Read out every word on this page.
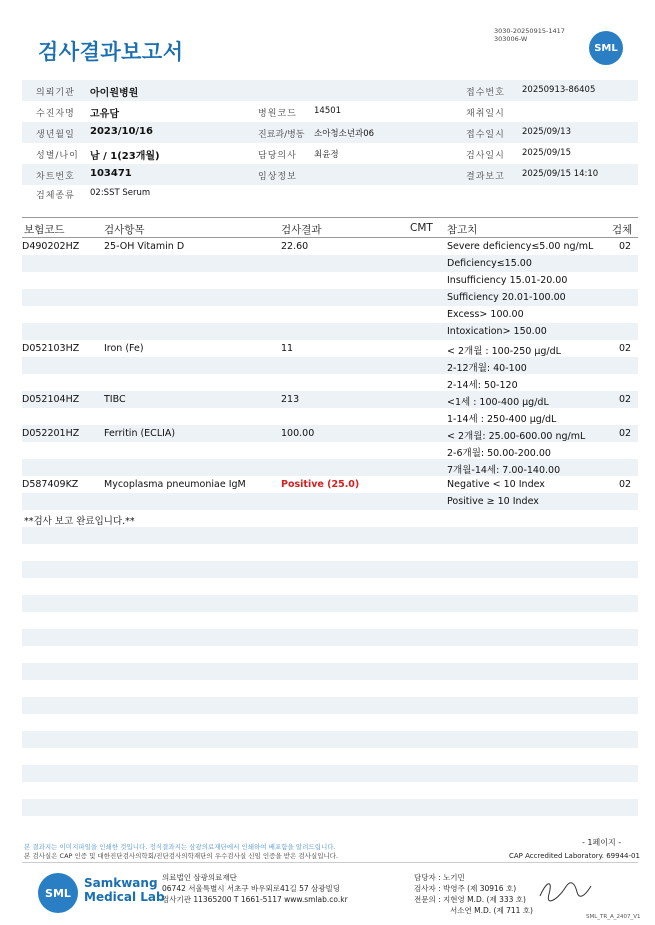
검사결과보고서
3030-20250915-1417
303006-W
SML
의뢰기관 아이원병원	접수번호 20250913-86405
수진자명 고유담	병원코드 14501	채취일시
생년월일 2023/10/16	진료과/병동 소아청소년과06	접수일시 2025/09/13
성별/나이 남 / 1(23개월)	담당의사 최윤정	검사일시 2025/09/15
차트번호 103471	임상정보	결과보고 2025/09/15 14:10
검체종류 02:SST Serum
보험코드	검사항목	검사결과	CMT 참고치	검체
D490202HZ	25-OH Vitamin D	22.60	Severe deficiency≤5.00 ng/mL	02
Deficiency≤15.00
Insufficiency 15.01-20.00
Sufficiency 20.01-100.00
Excess> 100.00
Intoxication> 150.00
D052103HZ	Iron (Fe)	11	< 2개월 : 100-250 µg/dL	02
2-12개월: 40-100
2-14세: 50-120
D052104HZ	TIBC	213	<1세 : 100-400 µg/dL	02
1-14세 : 250-400 µg/dL
D052201HZ	Ferritin (ECLIA)	100.00	< 2개월: 25.00-600.00 ng/mL	02
2-6개월: 50.00-200.00
7개월-14세: 7.00-140.00
D587409KZ	Mycoplasma pneumoniae IgM	Positive (25.0)	Negative < 10 Index	02
Positive ≥ 10 Index
**검사 보고 완료입니다.**
본 결과지는 이미지파일을 인쇄한 것입니다. 정식결과지는 삼광의료재단에서 인쇄하여 배포함을 알려드립니다.
본 검사실은 CAP 인증 및 대한진단검사의학회/진단검사의학재단의 우수검사실 신임 인증을 받은 검사실입니다.
- 1페이지 -
CAP Accredited Laboratory. 69944-01
SML
Samkwang
Medical Lab
의료법인 삼광의료재단
06742 서울특별시 서초구 바우뫼로41길 57 삼광빌딩
검사기관 11365200 T 1661-5117 www.smlab.co.kr
담당자 : 노기민
검사자 : 박영주 (제 30916 호)
전문의 : 지현영 M.D. (제 333 호)
서소연 M.D. (제 711 호)
SML_TR_A_2407_V1
